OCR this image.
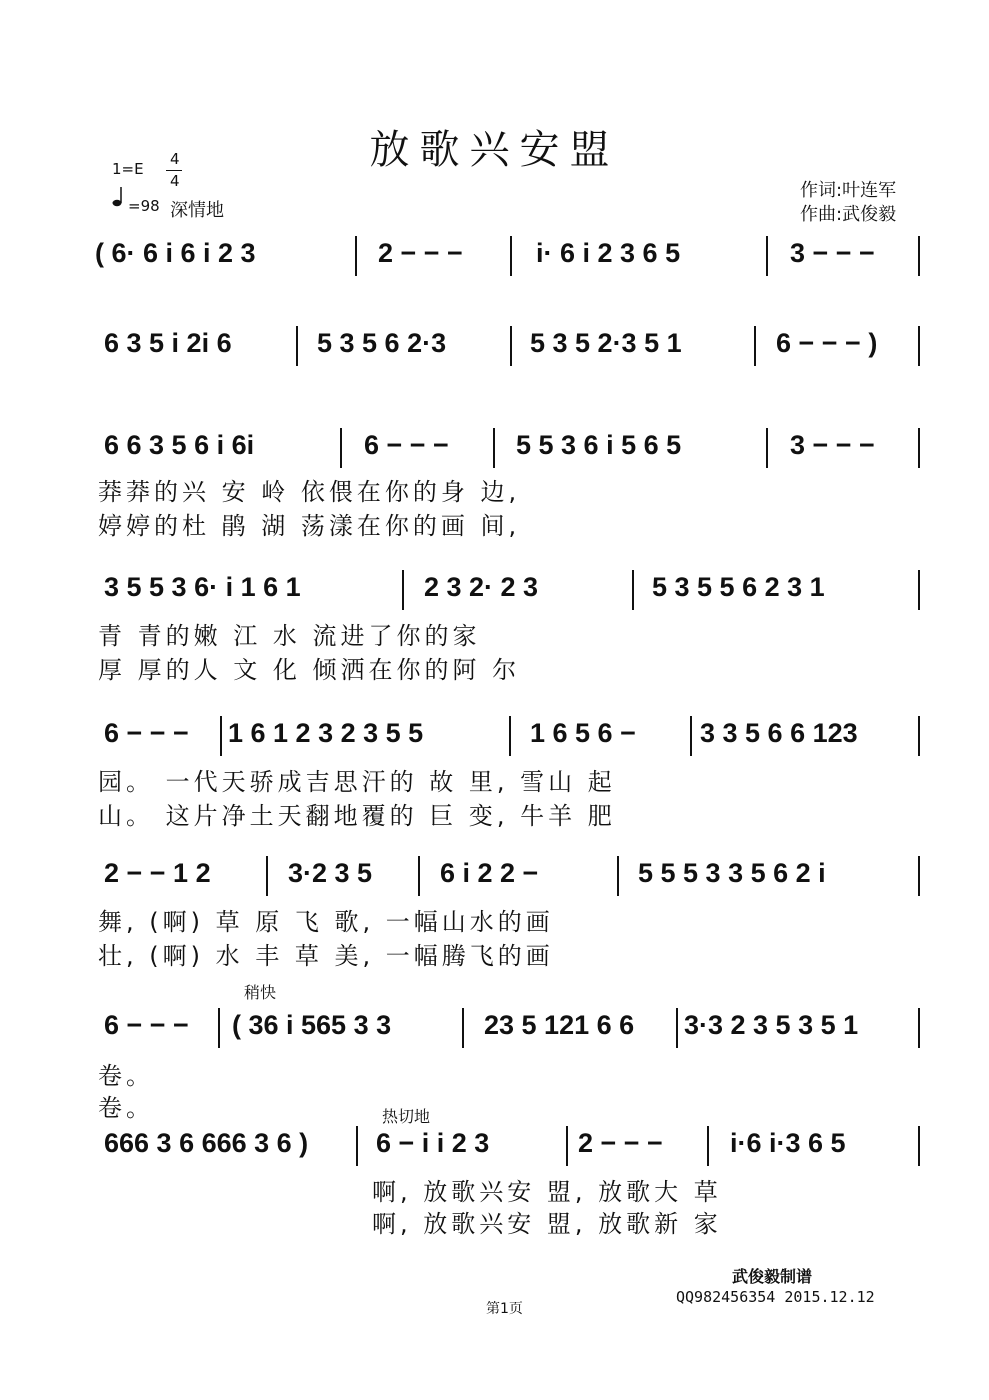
放歌兴安盟
1=E
4
4
=98 深情地
作词:叶连军
作曲:武俊毅
( 6· 6 i 6 i 2 3	2 − − −	i· 6 i 2 3 6 5	3 − − −
6 3 5 i 2i 6	5 3 5 6 2·3	5 3 5 2·3 5 1	6 − − − )
6 6 3 5 6 i 6i	6 − − − 5 5 3 6 i 5 6 5	3 − − −
莽莽的兴 安 岭 依偎在你的身 边,
婷婷的杜 鹃 湖 荡漾在你的画 间,
3 5 5 3 6· i 1 6 1	2 3 2· 2 3	5 3 5 5 6 2 3 1
青 青的嫩 江 水 流进了你的家
厚 厚的人 文 化 倾洒在你的阿 尔
6 − − − 1 6 1 2 3 2 3 5 5	1 6 5 6 − 3 3 5 6 6 123
园。 一代天骄成吉思汗的 故 里, 雪山 起
山。 这片净土天翻地覆的 巨 变, 牛羊 肥
2 − − 1 2	3·2 3 5	6 i 2 2 −	5 5 5 3 3 5 6 2 i
舞, (啊) 草 原 飞 歌, 一幅山水的画
壮, (啊) 水 丰 草 美, 一幅腾飞的画
稍快
6 − − − ( 36 i 565 3 3	23 5 121 6 6 3·3 2 3 5 3 5 1
卷。
卷。	热切地
666 3 6 666 3 6 )	6 − i i 2 3	2 − − − i·6 i·3 6 5
啊, 放歌兴安 盟, 放歌大 草
啊, 放歌兴安 盟, 放歌新 家
武俊毅制谱
第1页
QQ982456354 2015.12.12
